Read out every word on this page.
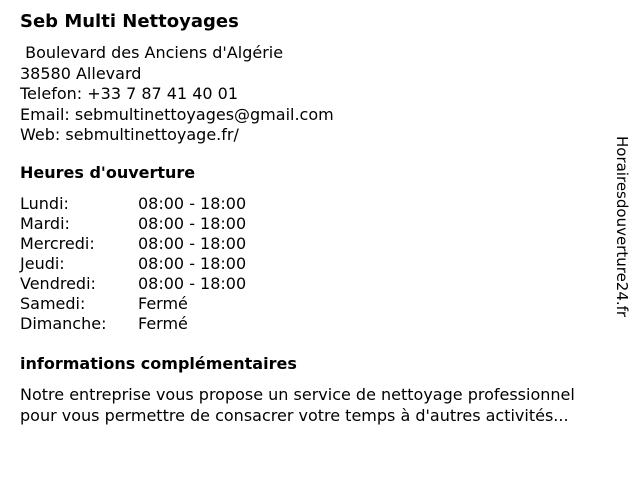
Seb Multi Nettoyages
Boulevard des Anciens d'Algérie
38580 Allevard
Telefon: +33 7 87 41 40 01
Email: sebmultinettoyages@gmail.com
Web: sebmultinettoyage.fr/
Heures d'ouverture
Lundi:	08:00 - 18:00
Mardi:	08:00 - 18:00
Mercredi:	08:00 - 18:00
Jeudi:	08:00 - 18:00
Vendredi:	08:00 - 18:00
Samedi:	Fermé
Dimanche: Fermé
informations complémentaires
Notre entreprise vous propose un service de nettoyage professionnel
pour vous permettre de consacrer votre temps à d'autres activités...
Horairesdouverture24.fr
